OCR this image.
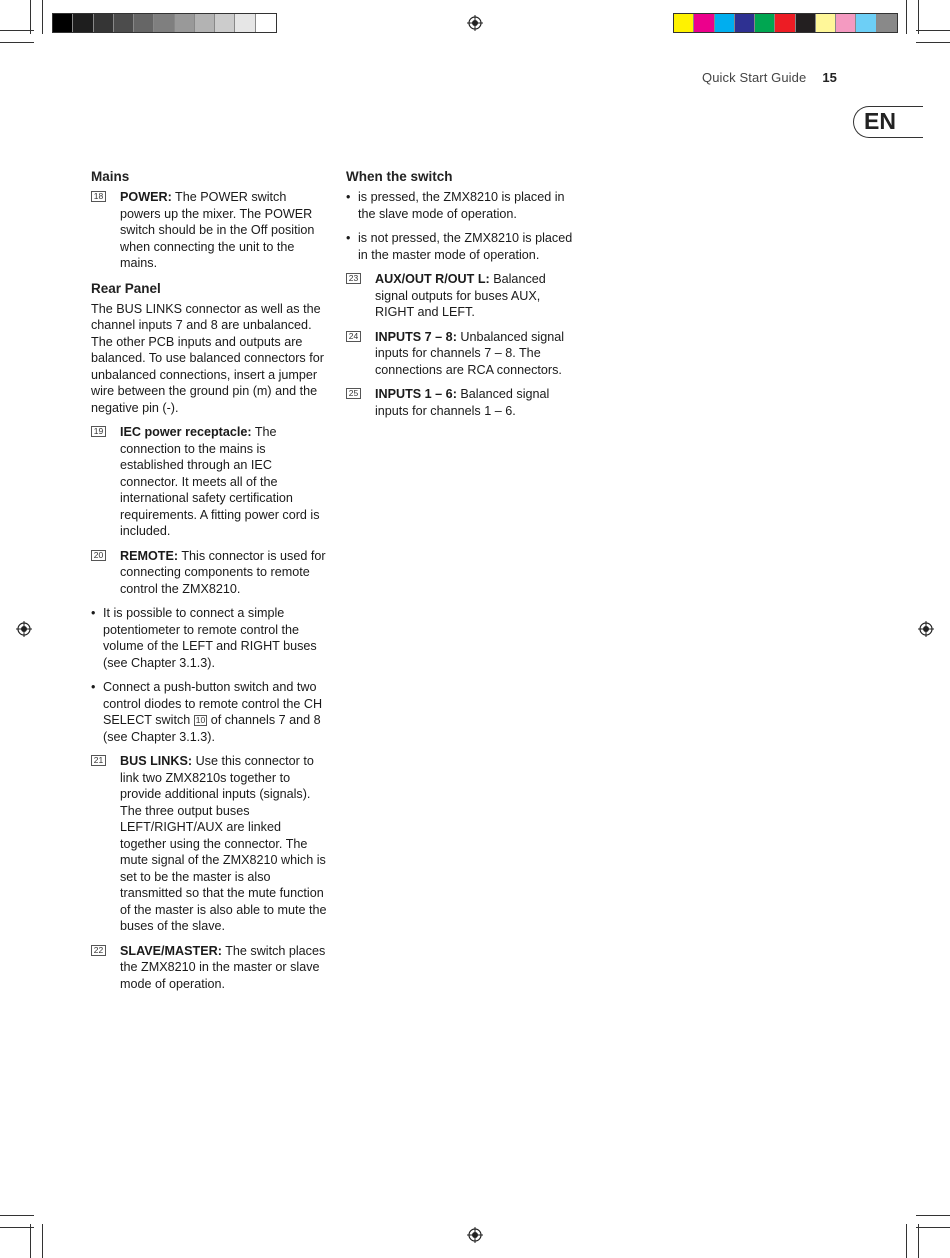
Quick Start Guide 15
EN
Mains
18 POWER: The POWER switch powers up the mixer. The POWER switch should be in the Off position when connecting the unit to the mains.
Rear Panel

The BUS LINKS connector as well as the channel inputs 7 and 8 are unbalanced. The other PCB inputs and outputs are balanced. To use balanced connectors for unbalanced connections, insert a jumper wire between the ground pin (m) and the negative pin (-).

19 IEC power receptacle: The connection to the mains is established through an IEC connector. It meets all of the international safety certification requirements. A fitting power cord is included.
20 REMOTE: This connector is used for connecting components to remote control the ZMX8210.
• It is possible to connect a simple potentiometer to remote control the volume of the LEFT and RIGHT buses (see Chapter 3.1.3).
• Connect a push-button switch and two control diodes to remote control the CH SELECT switch 10 of channels 7 and 8 (see Chapter 3.1.3).
21 BUS LINKS: Use this connector to link two ZMX8210s together to provide additional inputs (signals). The three output buses LEFT/RIGHT/AUX are linked together using the connector. The mute signal of the ZMX8210 which is set to be the master is also transmitted so that the mute function of the master is also able to mute the buses of the slave.
22 SLAVE/MASTER: The switch places the ZMX8210 in the master or slave mode of operation.
When the switch
• is pressed, the ZMX8210 is placed in the slave mode of operation.
• is not pressed, the ZMX8210 is placed in the master mode of operation.
23 AUX/OUT R/OUT L: Balanced signal outputs for buses AUX, RIGHT and LEFT.
24 INPUTS 7 – 8: Unbalanced signal inputs for channels 7 – 8. The connections are RCA connectors.
25 INPUTS 1 – 6: Balanced signal inputs for channels 1 – 6.
